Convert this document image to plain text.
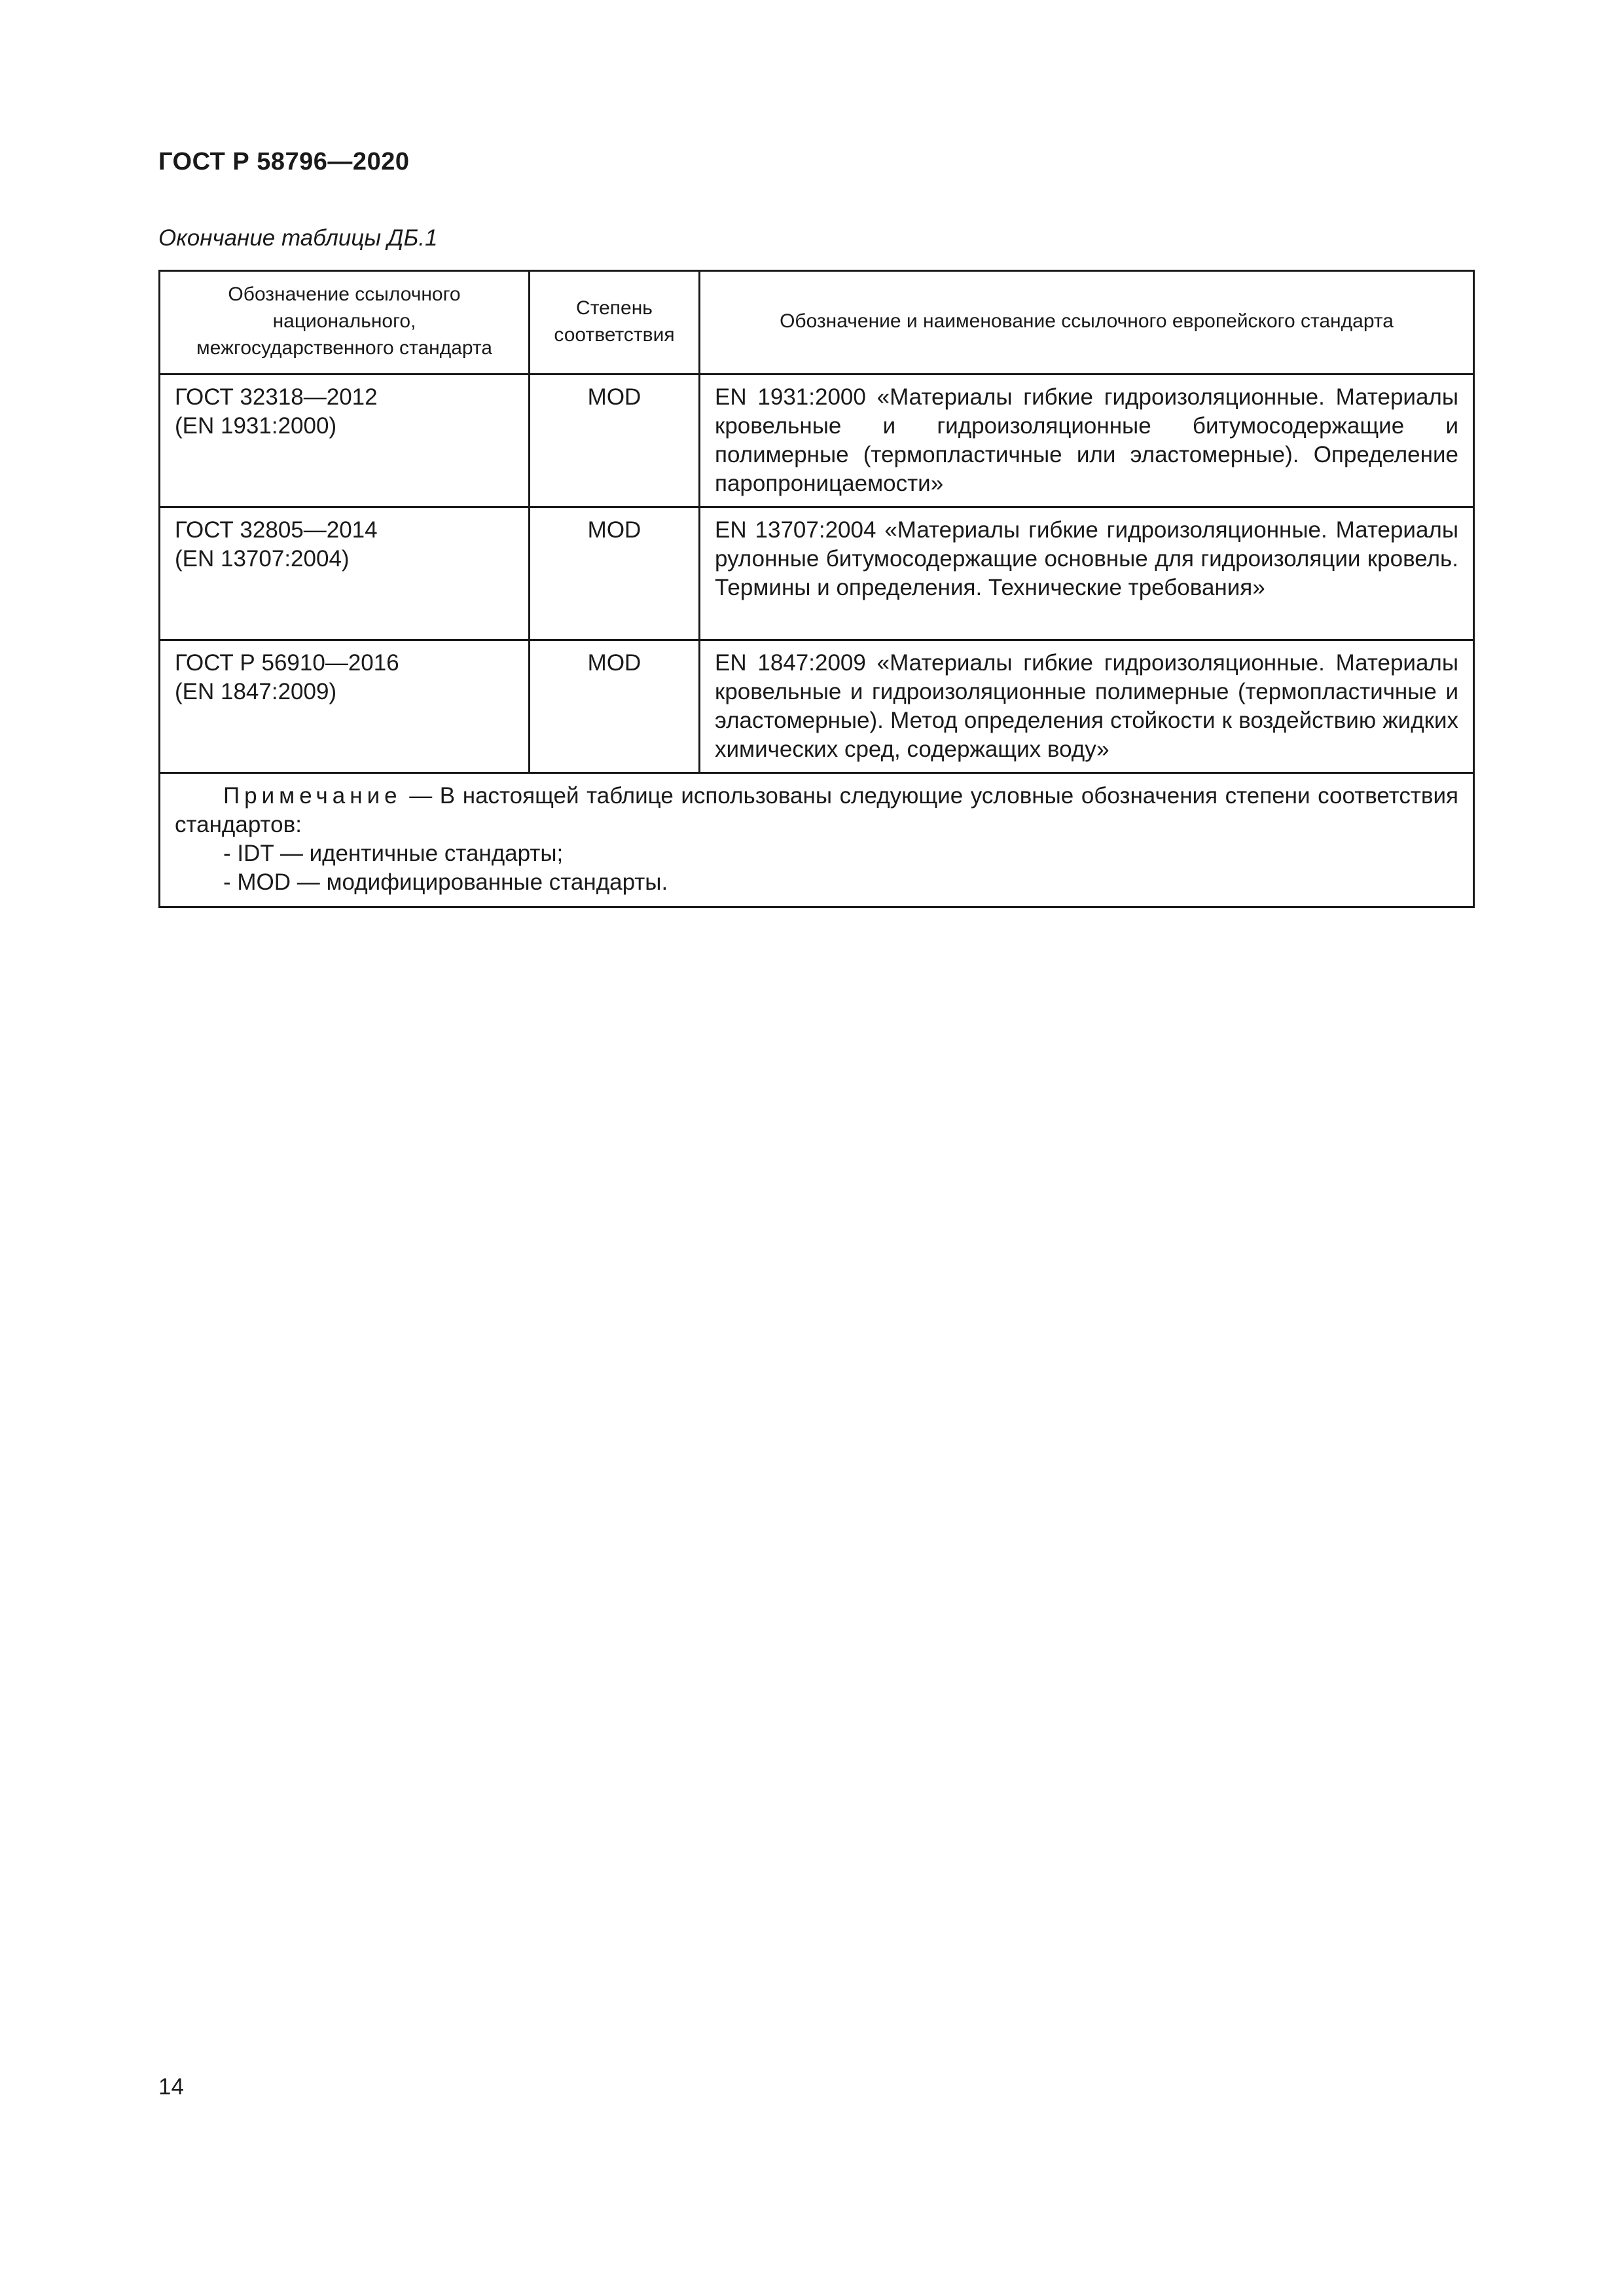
ГОСТ Р 58796—2020
Окончание таблицы ДБ.1
Обозначение ссылочного национального, межгосударственного стандарта	Степень соответствия	Обозначение и наименование ссылочного европейского стандарта

ГОСТ 32318—2012
(EN 1931:2000)	MOD	EN 1931:2000 «Материалы гибкие гидроизоляционные. Материалы кровельные и гидроизоляционные битумосодержащие и полимерные (термопластичные или эластомерные). Определение паропроницаемости»
ГОСТ 32805—2014
(EN 13707:2004)	MOD	EN 13707:2004 «Материалы гибкие гидроизоляционные. Материалы рулонные битумосодержащие основные для гидроизоляции кровель. Термины и определения. Технические требования»
ГОСТ Р 56910—2016
(EN 1847:2009)	MOD	EN 1847:2009 «Материалы гибкие гидроизоляционные. Материалы кровельные и гидроизоляционные полимерные (термопластичные и эластомерные). Метод определения стойкости к воздействию жидких химических сред, содержащих воду»

Примечание — В настоящей таблице использованы следующие условные обозначения степени соответствия стандартов:
- IDT — идентичные стандарты;
- MOD — модифицированные стандарты.		
14
